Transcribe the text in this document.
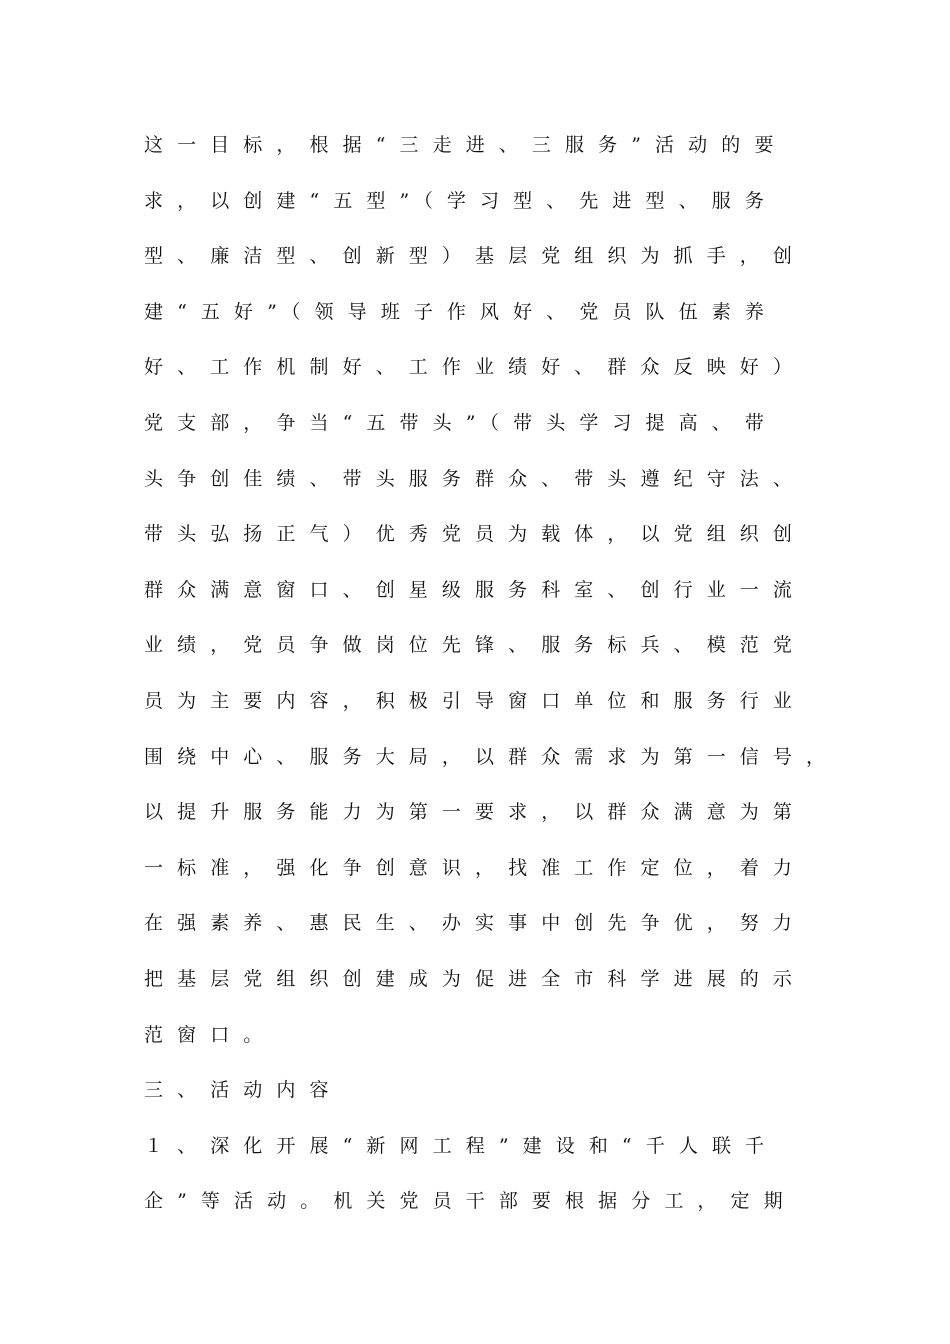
这一目标，根据“三走进、三服务”活动的要
求，以创建“五型”（学习型、先进型、服务
型、廉洁型、创新型）基层党组织为抓手，创
建“五好”（领导班子作风好、党员队伍素养
好、工作机制好、工作业绩好、群众反映好）
党支部，争当“五带头”（带头学习提高、带
头争创佳绩、带头服务群众、带头遵纪守法、
带头弘扬正气）优秀党员为载体，以党组织创
群众满意窗口、创星级服务科室、创行业一流
业绩，党员争做岗位先锋、服务标兵、模范党
员为主要内容，积极引导窗口单位和服务行业
围绕中心、服务大局，以群众需求为第一信号，
以提升服务能力为第一要求，以群众满意为第
一标准，强化争创意识，找准工作定位，着力
在强素养、惠民生、办实事中创先争优，努力
把基层党组织创建成为促进全市科学进展的示
范窗口。
三、活动内容
１、深化开展“新网工程”建设和“千人联千
企”等活动。机关党员干部要根据分工，定期
